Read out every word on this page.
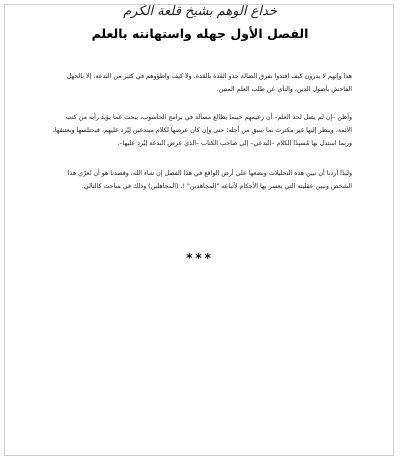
خداع الوهم بشيخ قلعة الكرم
الفصل الأول جهله واستهانته بالعلم
هذا وإنهم لا يدرون كيف اقتدوا بفرق الضالة حذو القذة بالقذة، ولا كيف واطؤوهم في كثير من البدعة، إلا بالجهل الفاحش بأصول الدين، والنأي عن طلب العلم المتين.
وأظن –إن لم يصل لحد العلم– أن زعيمهم حينما يطالع مسألة في برامج الحاسوب، يبحث عما يؤيد رأيه من كتب الأئمة، وينظر إليها غير مكترث بما سبق من أجله؛ حتى وإن كان عرضها لكلام مبتدعين لِيُرد عليهم، فيحتلسها ويعتنقها، وربما استدل بها مُسنِدًا الكلام –البدعي– إلى صاحب الكتاب –الذي عرض البدعة لِيُرد عليها–.
وليدًا أردنا أن نبين هذه التحليلات ونضعها على أرض الواقع في هذا الفصل إن شاء الله، وقصدنا هو أن نُعرّي هذا الشخص ونبين عقليته التي يعسر بها الأحكام لأتباعه "المجاهدين" !، (المجاهلين) وذلك في مباحث كالتالي.
***
